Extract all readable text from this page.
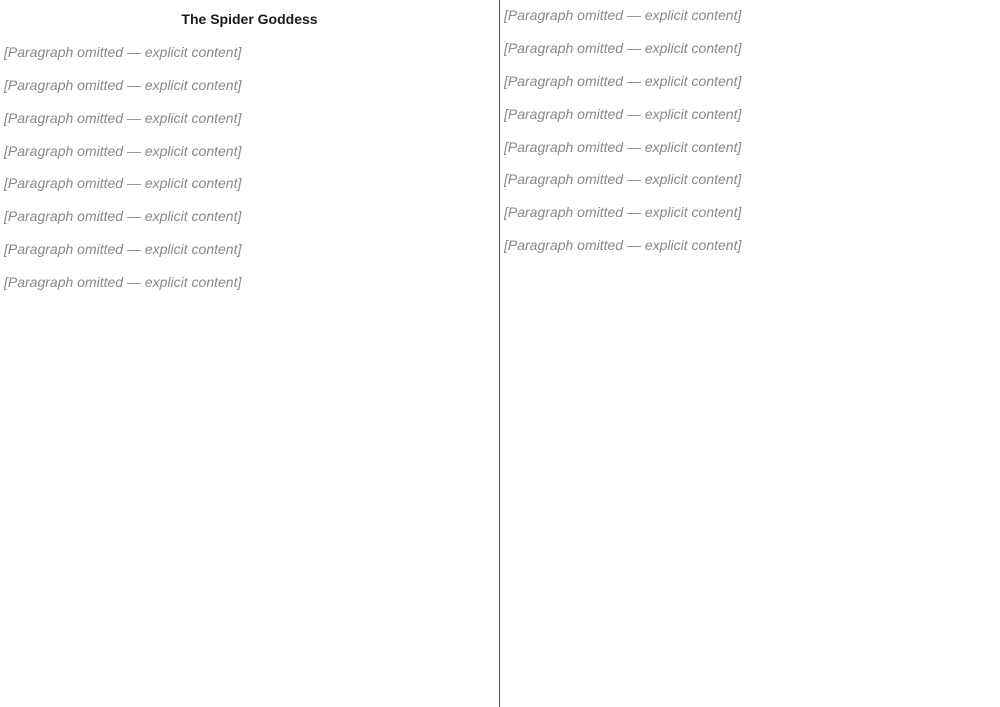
The Spider Goddess

[Paragraph omitted — explicit content]

[Paragraph omitted — explicit content]

[Paragraph omitted — explicit content]

[Paragraph omitted — explicit content]

[Paragraph omitted — explicit content]

[Paragraph omitted — explicit content]

[Paragraph omitted — explicit content]

[Paragraph omitted — explicit content]

[Paragraph omitted — explicit content]

[Paragraph omitted — explicit content]

[Paragraph omitted — explicit content]

[Paragraph omitted — explicit content]

[Paragraph omitted — explicit content]

[Paragraph omitted — explicit content]

[Paragraph omitted — explicit content]

[Paragraph omitted — explicit content]
